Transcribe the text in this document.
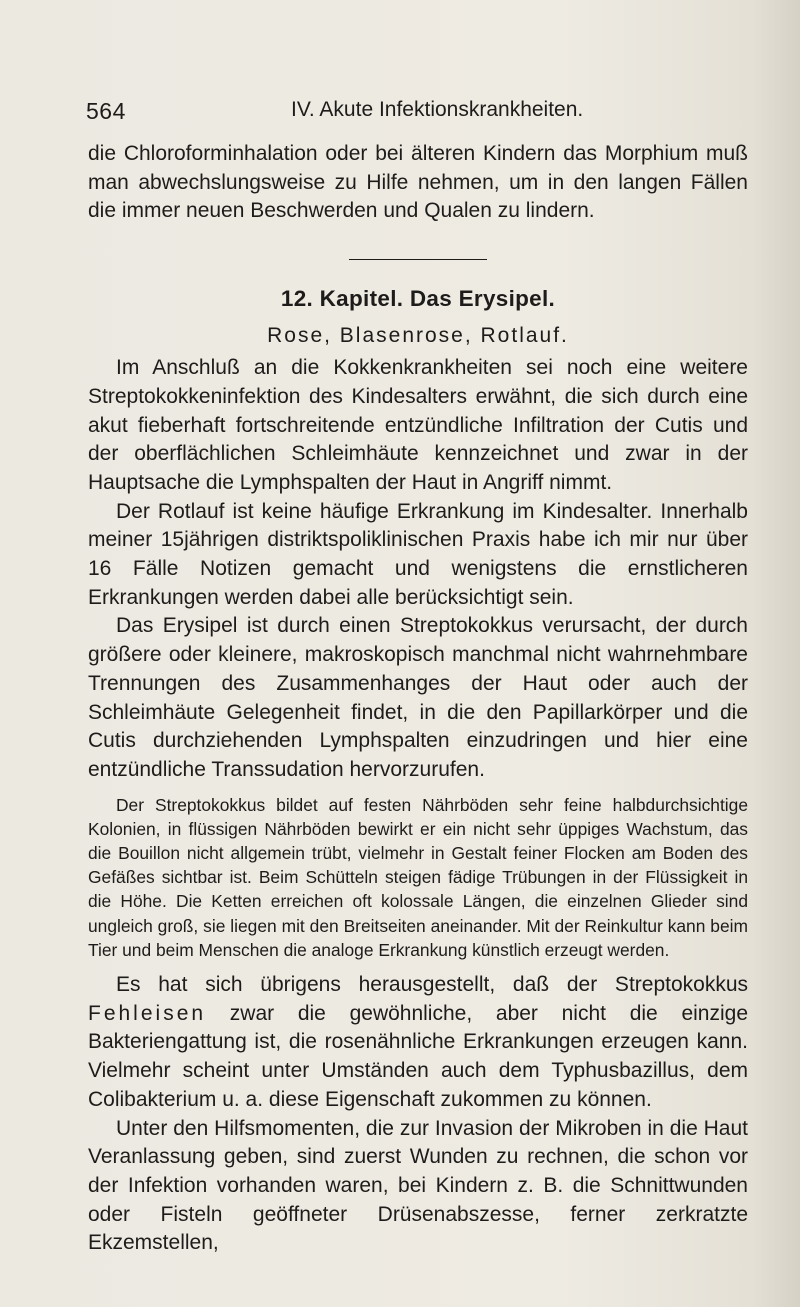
564	IV. Akute Infektionskrankheiten.

die Chloroforminhalation oder bei älteren Kindern das Morphium muß man abwechslungsweise zu Hilfe nehmen, um in den langen Fällen die immer neuen Beschwerden und Qualen zu lindern.

12. Kapitel. Das Erysipel.

Rose, Blasenrose, Rotlauf.

Im Anschluß an die Kokkenkrankheiten sei noch eine weitere Streptokokkeninfektion des Kindesalters erwähnt, die sich durch eine akut fieberhaft fortschreitende entzündliche Infiltration der Cutis und der oberflächlichen Schleimhäute kennzeichnet und zwar in der Hauptsache die Lymphspalten der Haut in Angriff nimmt.

Der Rotlauf ist keine häufige Erkrankung im Kindesalter. Innerhalb meiner 15jährigen distriktspoliklinischen Praxis habe ich mir nur über 16 Fälle Notizen gemacht und wenigstens die ernstlicheren Erkrankungen werden dabei alle berücksichtigt sein.

Das Erysipel ist durch einen Streptokokkus verursacht, der durch größere oder kleinere, makroskopisch manchmal nicht wahrnehmbare Trennungen des Zusammenhanges der Haut oder auch der Schleimhäute Gelegenheit findet, in die den Papillarkörper und die Cutis durchziehenden Lymphspalten einzudringen und hier eine entzündliche Transsudation hervorzurufen.

Der Streptokokkus bildet auf festen Nährböden sehr feine halbdurchsichtige Kolonien, in flüssigen Nährböden bewirkt er ein nicht sehr üppiges Wachstum, das die Bouillon nicht allgemein trübt, vielmehr in Gestalt feiner Flocken am Boden des Gefäßes sichtbar ist. Beim Schütteln steigen fädige Trübungen in der Flüssigkeit in die Höhe. Die Ketten erreichen oft kolossale Längen, die einzelnen Glieder sind ungleich groß, sie liegen mit den Breitseiten aneinander. Mit der Reinkultur kann beim Tier und beim Menschen die analoge Erkrankung künstlich erzeugt werden.

Es hat sich übrigens herausgestellt, daß der Streptokokkus Fehleisen zwar die gewöhnliche, aber nicht die einzige Bakteriengattung ist, die rosenähnliche Erkrankungen erzeugen kann. Vielmehr scheint unter Umständen auch dem Typhusbazillus, dem Colibakterium u. a. diese Eigenschaft zukommen zu können.

Unter den Hilfsmomenten, die zur Invasion der Mikroben in die Haut Veranlassung geben, sind zuerst Wunden zu rechnen, die schon vor der Infektion vorhanden waren, bei Kindern z. B. die Schnittwunden oder Fisteln geöffneter Drüsenabszesse, ferner zerkratzte Ekzemstellen,
